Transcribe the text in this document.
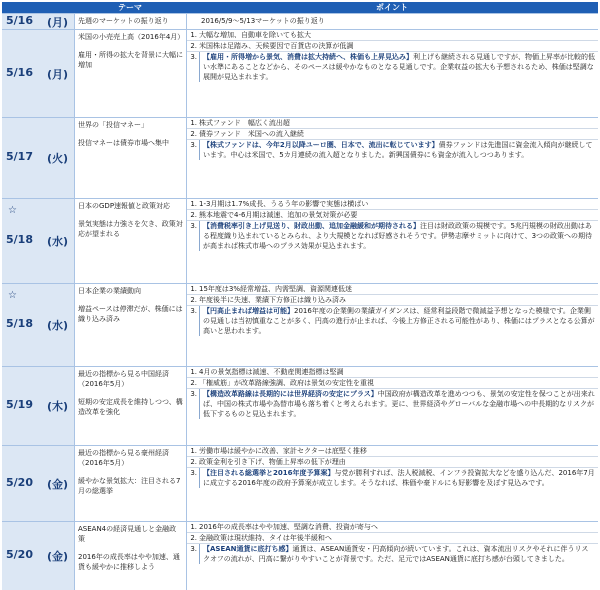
テーマ	ポイント
5/16 (月) 先週のマーケットの振り返り	2016/5/9～5/13マーケットの振り返り
5/16 (月)
米国の小売売上高（2016年4月）
雇用・所得の拡大を背景に大幅に増加
1. 大幅な増加、自動車を除いても拡大
2. 米国株は足踏み、天候要因で百貨店の決算が低調
3. 【雇用・所得増から景気、消費は拡大持続へ、株価も上昇見込み】利上げも継続される見通しですが、物価上昇率が比較的低い水準にあることなどから、そのペースは緩やかなものとなる見通しです。企業収益の拡大も予想されるため、株価は堅調な展開が見込まれます。
5/17 (火)
世界の「投信マネー」
投信マネーは債券市場へ集中
1. 株式ファンド　幅広く流出超
2. 債券ファンド　米国への流入継続
3. 【株式ファンドは、今年2月以降ユーロ圏、日本で、流出に転じています】債券ファンドは先進国に資金流入傾向が継続しています。中心は米国で、5カ月連続の流入超となりました。新興国債券にも資金が流入しつつあります。
☆
5/18 (水)
日本のGDP速報値と政策対応
景気実態は力強さを欠き、政策対応が望まれる
1. 1-3月期は1.7%成長、うるう年の影響で実態は横ばい
2. 熊本地震で4-6月期は減速、追加の景気対策が必要
3. 【消費税率引き上げ見送り、財政出動、追加金融緩和が期待される】注目は財政政策の規模です。5兆円規模の財政出動はある程度織り込まれているとみられ、より大規模となれば好感されそうです。伊勢志摩サミットに向けて、3つの政策への期待が高まれば株式市場へのプラス効果が見込まれます。
☆
5/18 (水)
日本企業の業績動向
増益ペースは停滞だが、株価には織り込み済み
1. 15年度は3%経常増益、内需堅調、資源関連低迷
2. 年度後半に失速、業績下方修正は織り込み済み
3. 【円高止まれば増益は可能】2016年度の企業側の業績ガイダンスは、経常利益段階で微減益予想となった模様です。企業側の見通しは当初慎重なことが多く、円高の進行が止まれば、今後上方修正される可能性があり、株価にはプラスとなる公算が高いと思われます。
5/19 (木)
最近の指標から見る中国経済（2016年5月）
短期の安定成長を維持しつつ、構造改革を強化
1. 4月の景気指標は減速、不動産関連指標は堅調
2. 「権威筋」が改革路線強調、政府は景気の安定性を重視
3. 【構造改革路線は長期的には世界経済の安定にプラス】中国政府が構造改革を進めつつも、景気の安定性を保つことが出来れば、中国の株式市場や為替市場も落ち着くと考えられます。更に、世界経済やグローバルな金融市場への中長期的なリスクが低下するものと見込まれます。
5/20 (金)
最近の指標から見る豪州経済（2016年5月）
緩やかな景気拡大：注目される7月の総選挙
1. 労働市場は緩やかに改善、家計セクターは底堅く推移
2. 政策金利を引き下げ、物価上昇率の低下が理由
3. 【注目される総選挙と2016年度予算案】与党が勝利すれば、法人税減税、インフラ投資拡大などを盛り込んだ、2016年7月に成立する2016年度の政府予算案が成立します。そうなれば、株価や豪ドルにも好影響を及ぼす見込みです。
5/20 (金)
ASEAN4の経済見通しと金融政策
2016年の成長率はやや加速、通貨も緩やかに推移しよう
1. 2016年の成長率はやや加速、堅調な消費、投資が寄与へ
2. 金融政策は現状維持、タイは年後半緩和へ
3. 【ASEAN通貨に底打ち感】通貨は、ASEAN通貨安・円高傾向が続いています。これは、資本流出リスクやそれに伴うリスクオフの流れが、円高に繋がりやすいことが背景です。ただ、足元ではASEAN通貨に底打ち感が台頭してきました。
